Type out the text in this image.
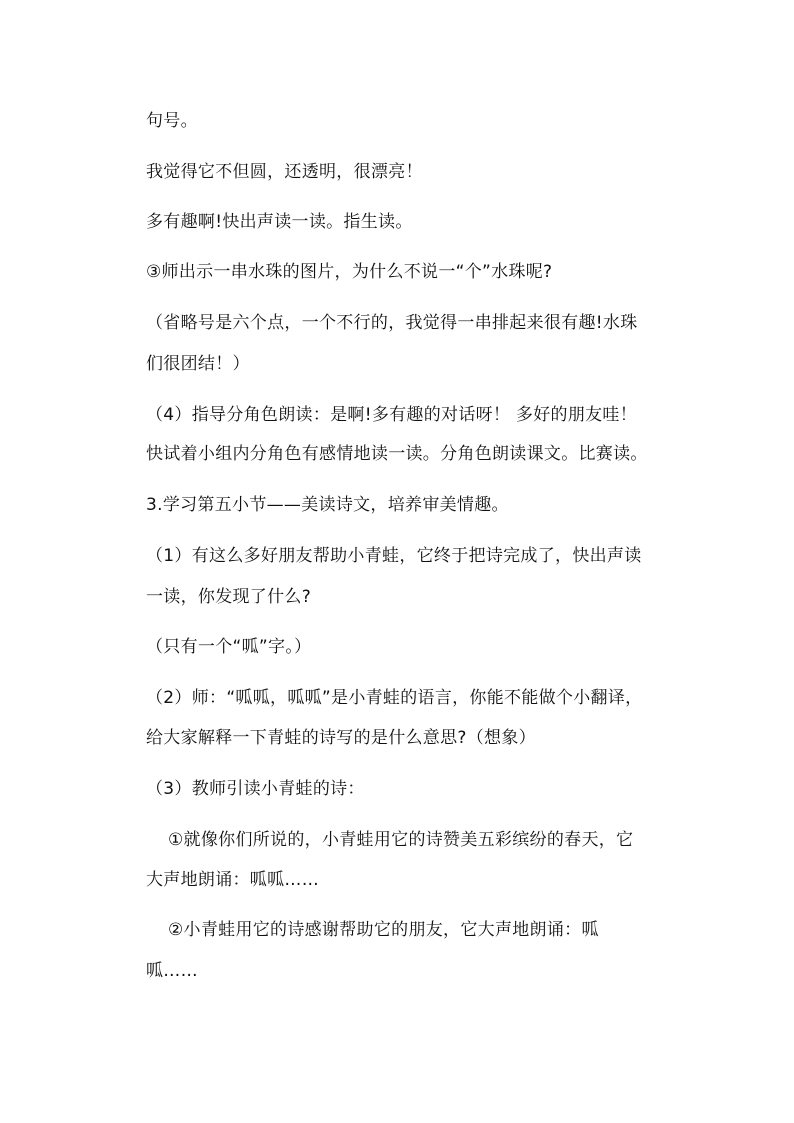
句号。
我觉得它不但圆，还透明，很漂亮！
多有趣啊!快出声读一读。指生读。
③师出示一串水珠的图片，为什么不说一“个”水珠呢?
（省略号是六个点，一个不行的，我觉得一串排起来很有趣!水珠
们很团结！）
（4）指导分角色朗读：是啊!多有趣的对话呀！ 多好的朋友哇！
快试着小组内分角色有感情地读一读。分角色朗读课文。比赛读。
3.学习第五小节——美读诗文，培养审美情趣。
（1）有这么多好朋友帮助小青蛙，它终于把诗完成了，快出声读
一读，你发现了什么?
（只有一个“呱”字。）
（2）师：“呱呱，呱呱”是小青蛙的语言，你能不能做个小翻译，
给大家解释一下青蛙的诗写的是什么意思?（想象）
（3）教师引读小青蛙的诗：
①就像你们所说的，小青蛙用它的诗赞美五彩缤纷的春天，它
大声地朗诵：呱呱……
②小青蛙用它的诗感谢帮助它的朋友，它大声地朗诵：呱
呱……
